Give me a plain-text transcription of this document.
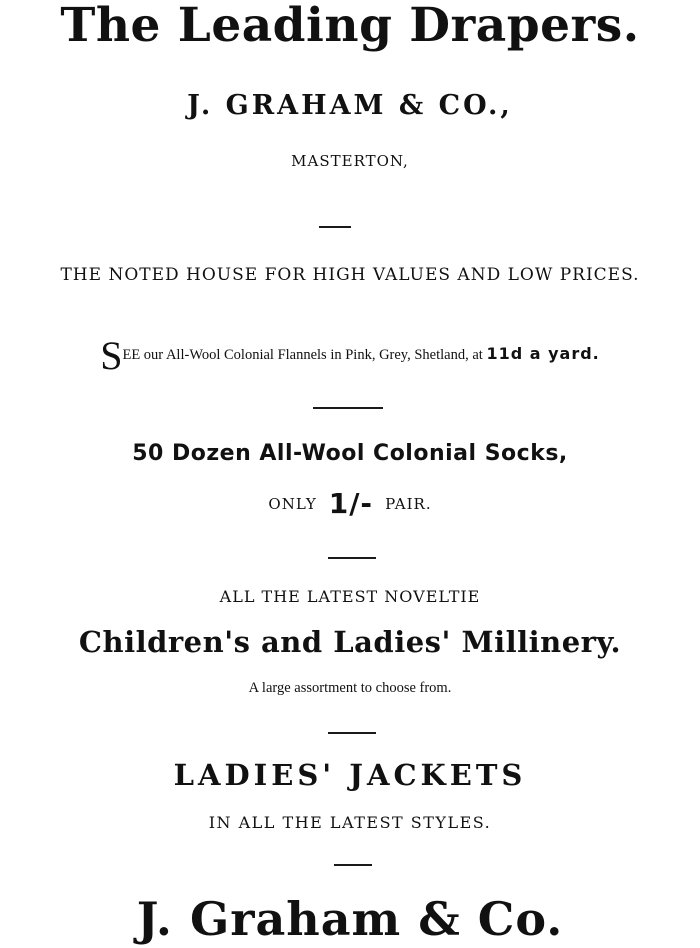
The Leading Drapers.
J. GRAHAM & CO.,
MASTERTON,
THE NOTED HOUSE FOR HIGH VALUES AND LOW PRICES.
SEE our All-Wool Colonial Flannels in Pink, Grey, Shetland, at 11d a yard.
50 Dozen All-Wool Colonial Socks,
ONLY 1/- PAIR.
ALL THE LATEST NOVELTIE
Children's and Ladies' Millinery.
A large assortment to choose from.
LADIES' JACKETS
IN ALL THE LATEST STYLES.
J. Graham & Co.
